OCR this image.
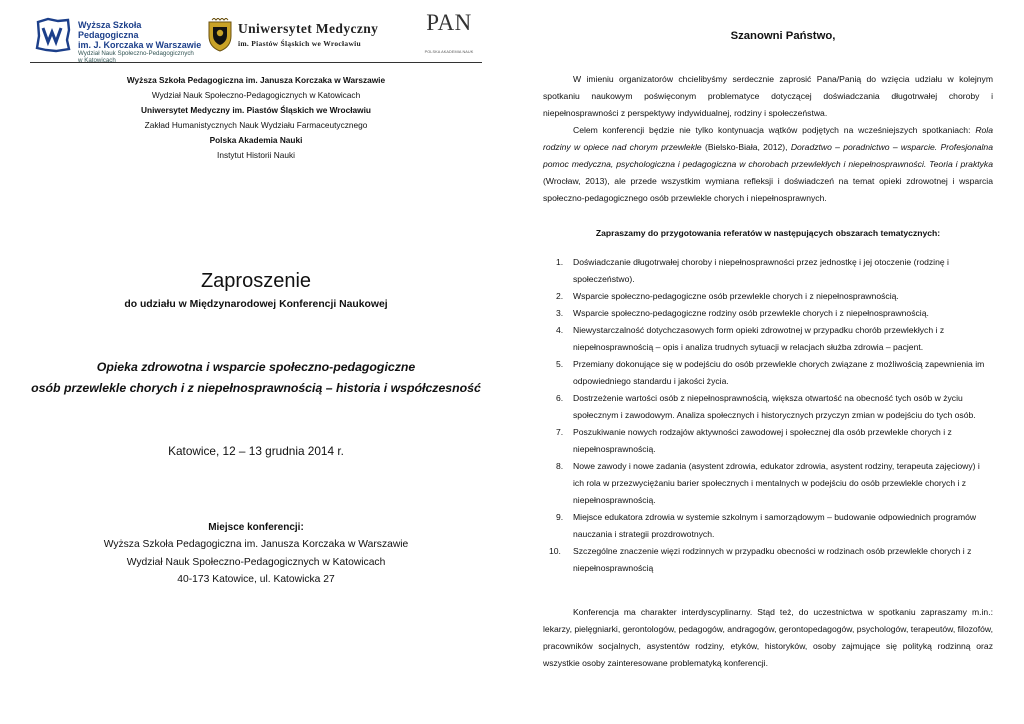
Wyższa Szkoła Pedagogiczna
im. J. Korczaka w Warszawie
Wydział Nauk Społeczno-Pedagogicznych
w Katowicach
Uniwersytet Medyczny
im. Piastów Śląskich we Wrocławiu
PAN
POLSKA AKADEMIA NAUK
Wyższa Szkoła Pedagogiczna im. Janusza Korczaka w Warszawie
Wydział Nauk Społeczno-Pedagogicznych w Katowicach
Uniwersytet Medyczny im. Piastów Śląskich we Wrocławiu
Zakład Humanistycznych Nauk Wydziału Farmaceutycznego
Polska Akademia Nauki
Instytut Historii Nauki
Zaproszenie
do udziału w Międzynarodowej Konferencji Naukowej
Opieka zdrowotna i wsparcie społeczno-pedagogiczne
osób przewlekle chorych i z niepełnosprawnością – historia i współczesność
Katowice, 12 – 13 grudnia 2014 r.
Miejsce konferencji:
Wyższa Szkoła Pedagogiczna im. Janusza Korczaka w Warszawie
Wydział Nauk Społeczno-Pedagogicznych w Katowicach
40-173 Katowice, ul. Katowicka 27
Szanowni Państwo,

W imieniu organizatorów chcielibyśmy serdecznie zaprosić Pana/Panią do wzięcia udziału w kolejnym spotkaniu naukowym poświęconym problematyce dotyczącej doświadczania długotrwałej choroby i niepełnosprawności z perspektywy indywidualnej, rodziny i społeczeństwa.

Celem konferencji będzie nie tylko kontynuacja wątków podjętych na wcześniejszych spotkaniach: Rola rodziny w opiece nad chorym przewlekle (Bielsko-Biała, 2012), Doradztwo – poradnictwo – wsparcie. Profesjonalna pomoc medyczna, psychologiczna i pedagogiczna w chorobach przewlekłych i niepełnosprawności. Teoria i praktyka (Wrocław, 2013), ale przede wszystkim wymiana refleksji i doświadczeń na temat opieki zdrowotnej i wsparcia społeczno-pedagogicznego osób przewlekle chorych i niepełnosprawnych.

Zapraszamy do przygotowania referatów w następujących obszarach tematycznych:
1. Doświadczanie długotrwałej choroby i niepełnosprawności przez jednostkę i jej otoczenie (rodzinę i społeczeństwo).
2. Wsparcie społeczno-pedagogiczne osób przewlekle chorych i z niepełnosprawnością.
3. Wsparcie społeczno-pedagogiczne rodziny osób przewlekle chorych i z niepełnosprawnością.
4. Niewystarczalność dotychczasowych form opieki zdrowotnej w przypadku chorób przewlekłych i z niepełnosprawnością – opis i analiza trudnych sytuacji w relacjach służba zdrowia – pacjent.
5. Przemiany dokonujące się w podejściu do osób przewlekle chorych związane z możliwością zapewnienia im odpowiedniego standardu i jakości życia.
6. Dostrzeżenie wartości osób z niepełnosprawnością, większa otwartość na obecność tych osób w życiu społecznym i zawodowym. Analiza społecznych i historycznych przyczyn zmian w podejściu do tych osób.
7. Poszukiwanie nowych rodzajów aktywności zawodowej i społecznej dla osób przewlekle chorych i z niepełnosprawnością.
8. Nowe zawody i nowe zadania (asystent zdrowia, edukator zdrowia, asystent rodziny, terapeuta zajęciowy) i ich rola w przezwyciężaniu barier społecznych i mentalnych w podejściu do osób przewlekle chorych i z niepełnosprawnością.
9. Miejsce edukatora zdrowia w systemie szkolnym i samorządowym – budowanie odpowiednich programów nauczania i strategii prozdrowotnych.
10. Szczególne znaczenie więzi rodzinnych w przypadku obecności w rodzinach osób przewlekle chorych i z niepełnosprawnością

Konferencja ma charakter interdyscyplinarny. Stąd też, do uczestnictwa w spotkaniu zapraszamy m.in.: lekarzy, pielęgniarki, gerontologów, pedagogów, andragogów, gerontopedagogów, psychologów, terapeutów, filozofów, pracowników socjalnych, asystentów rodziny, etyków, historyków, osoby zajmujące się polityką rodzinną oraz wszystkie osoby zainteresowane problematyką konferencji.
